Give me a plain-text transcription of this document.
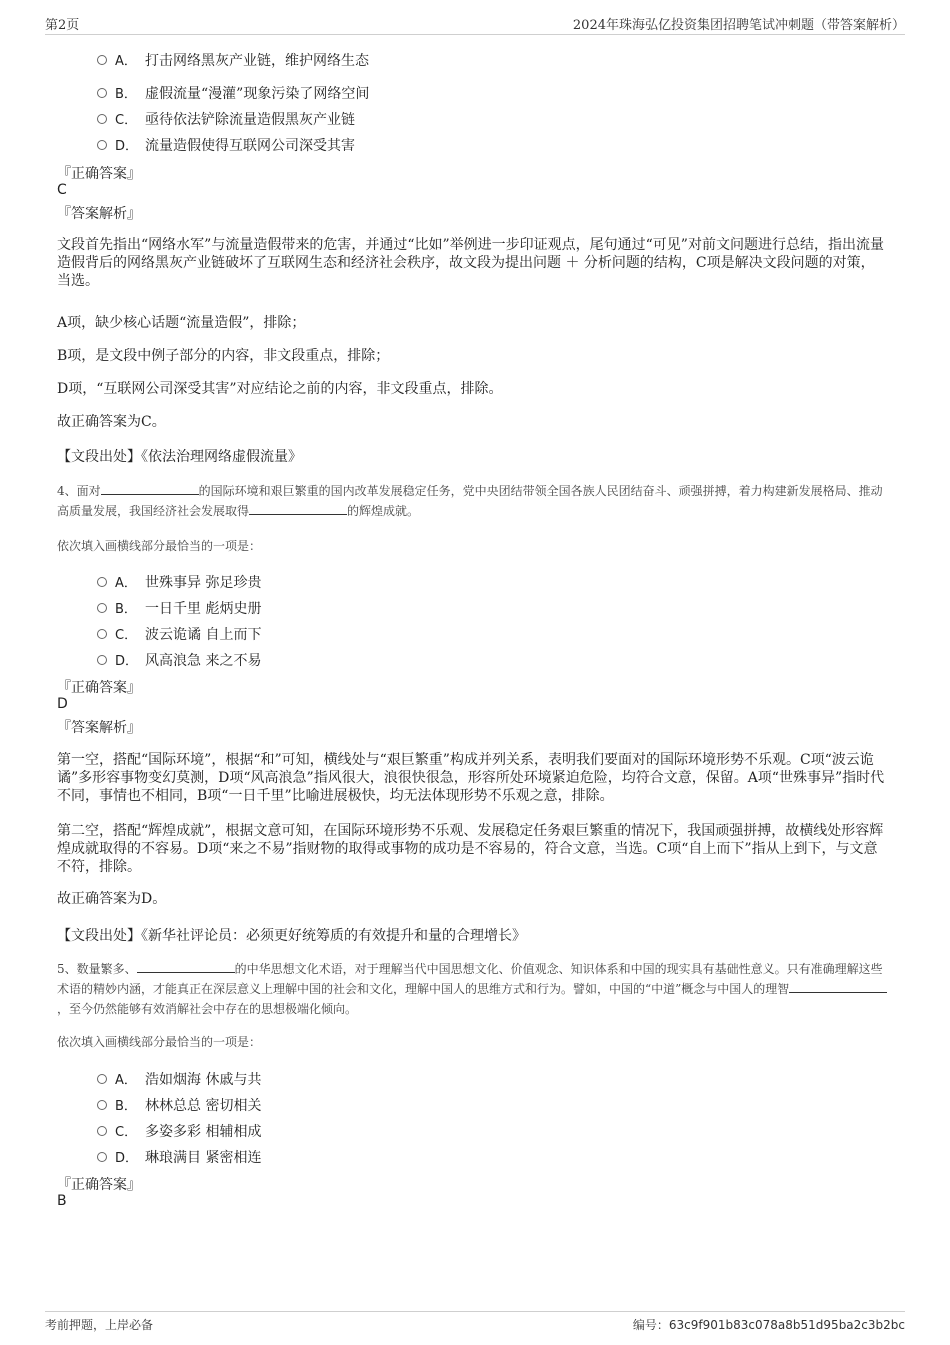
第2页	2024年珠海弘亿投资集团招聘笔试冲刺题（带答案解析）
A． 打击网络黑灰产业链，维护网络生态
B． 虚假流量“漫灌”现象污染了网络空间
C． 亟待依法铲除流量造假黑灰产业链
D． 流量造假使得互联网公司深受其害
『正确答案』
C
『答案解析』
文段首先指出“网络水军”与流量造假带来的危害，并通过“比如”举例进一步印证观点，尾句通过“可见”对前文问题进行总结，指出流量造假背后的网络黑灰产业链破坏了互联网生态和经济社会秩序，故文段为提出问题 ＋ 分析问题的结构，C项是解决文段问题的对策，当选。
A项，缺少核心话题“流量造假”，排除；
B项，是文段中例子部分的内容，非文段重点，排除；
D项，“互联网公司深受其害”对应结论之前的内容，非文段重点，排除。
故正确答案为C。
【文段出处】《依法治理网络虚假流量》
4、面对	的国际环境和艰巨繁重的国内改革发展稳定任务，党中央团结带领全国各族人民团结奋斗、顽强拼搏，着力构建新发展格局、推动高质量发展，我国经济社会发展取得	的辉煌成就。
依次填入画横线部分最恰当的一项是：
A． 世殊事异 弥足珍贵
B． 一日千里 彪炳史册
C． 波云诡谲 自上而下
D． 风高浪急 来之不易
『正确答案』
D
『答案解析』
第一空，搭配“国际环境”，根据“和”可知，横线处与“艰巨繁重”构成并列关系，表明我们要面对的国际环境形势不乐观。C项“波云诡谲”多形容事物变幻莫测，D项“风高浪急”指风很大，浪很快很急，形容所处环境紧迫危险，均符合文意，保留。A项“世殊事异”指时代不同，事情也不相同，B项“一日千里”比喻进展极快，均无法体现形势不乐观之意，排除。
第二空，搭配“辉煌成就”，根据文意可知，在国际环境形势不乐观、发展稳定任务艰巨繁重的情况下，我国顽强拼搏，故横线处形容辉煌成就取得的不容易。D项“来之不易”指财物的取得或事物的成功是不容易的，符合文意，当选。C项“自上而下”指从上到下，与文意不符，排除。
故正确答案为D。
【文段出处】《新华社评论员：必须更好统筹质的有效提升和量的合理增长》
5、数量繁多、	的中华思想文化术语，对于理解当代中国思想文化、价值观念、知识体系和中国的现实具有基础性意义。只有准确理解这些术语的精妙内涵，才能真正在深层意义上理解中国的社会和文化，理解中国人的思维方式和行为。譬如，中国的“中道”概念与中国人的理智，至今仍然能够有效消解社会中存在的思想极端化倾向。
依次填入画横线部分最恰当的一项是：
A． 浩如烟海 休戚与共
B． 林林总总 密切相关
C． 多姿多彩 相辅相成
D． 琳琅满目 紧密相连
『正确答案』
B
考前押题，上岸必备	编号：63c9f901b83c078a8b51d95ba2c3b2bc
